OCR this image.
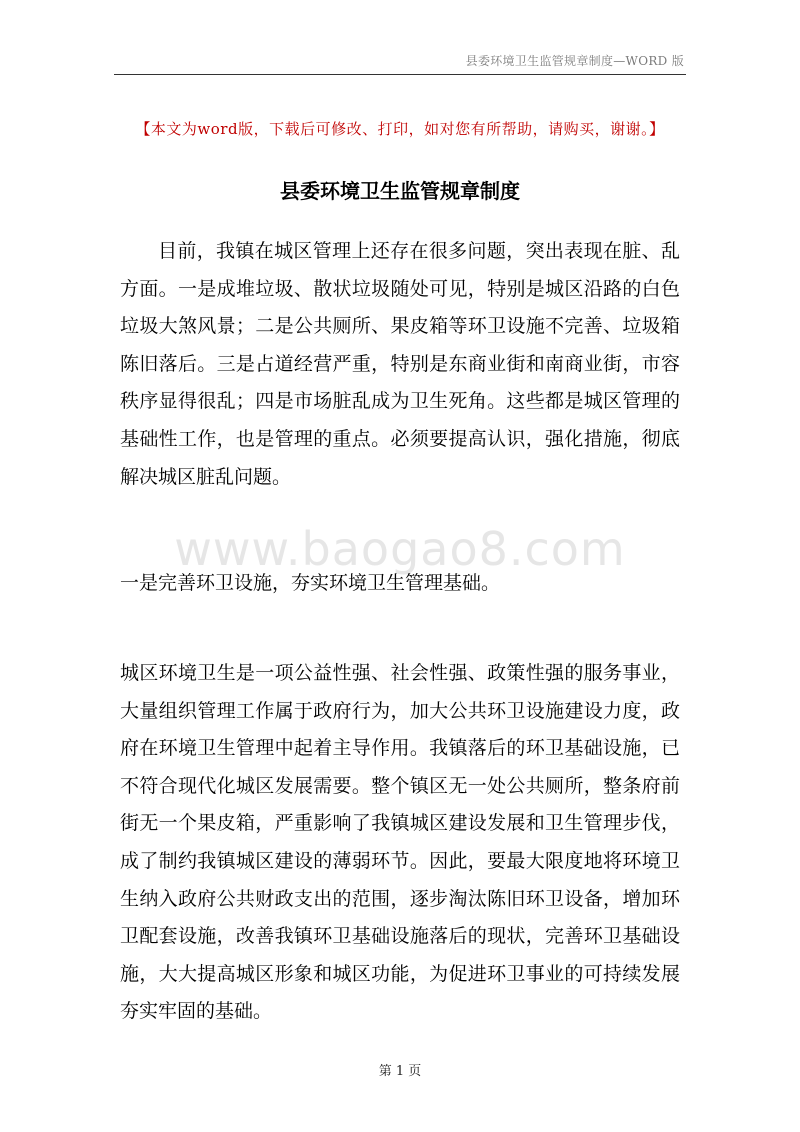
县委环境卫生监管规章制度—WORD 版
【本文为word版，下载后可修改、打印，如对您有所帮助，请购买，谢谢。】
县委环境卫生监管规章制度

目前，我镇在城区管理上还存在很多问题，突出表现在脏、乱方面。一是成堆垃圾、散状垃圾随处可见，特别是城区沿路的白色垃圾大煞风景；二是公共厕所、果皮箱等环卫设施不完善、垃圾箱陈旧落后。三是占道经营严重，特别是东商业街和南商业街，市容秩序显得很乱；四是市场脏乱成为卫生死角。这些都是城区管理的基础性工作，也是管理的重点。必须要提高认识，强化措施，彻底解决城区脏乱问题。

www.baogao8.com

一是完善环卫设施，夯实环境卫生管理基础。

城区环境卫生是一项公益性强、社会性强、政策性强的服务事业，大量组织管理工作属于政府行为，加大公共环卫设施建设力度，政府在环境卫生管理中起着主导作用。我镇落后的环卫基础设施，已不符合现代化城区发展需要。整个镇区无一处公共厕所，整条府前街无一个果皮箱，严重影响了我镇城区建设发展和卫生管理步伐，成了制约我镇城区建设的薄弱环节。因此，要最大限度地将环境卫生纳入政府公共财政支出的范围，逐步淘汰陈旧环卫设备，增加环卫配套设施，改善我镇环卫基础设施落后的现状，完善环卫基础设施，大大提高城区形象和城区功能，为促进环卫事业的可持续发展夯实牢固的基础。

第 1 页
